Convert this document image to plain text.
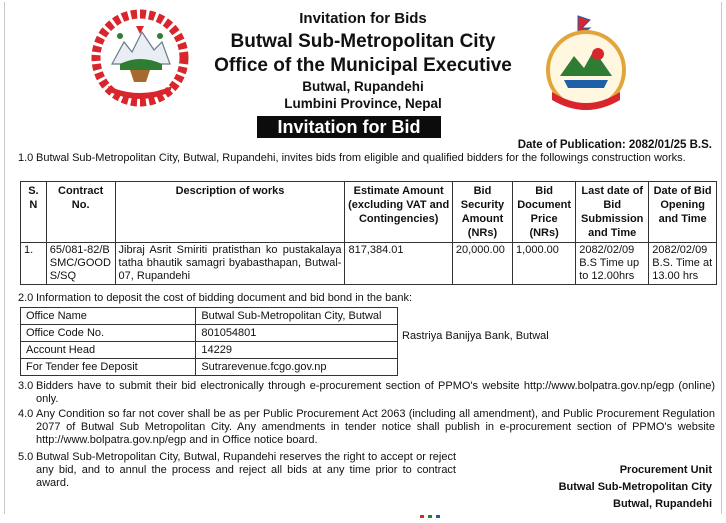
Invitation for Bids
Butwal Sub-Metropolitan City
Office of the Municipal Executive
Butwal, Rupandehi
Lumbini Province, Nepal
Invitation for Bid
Date of Publication: 2082/01/25 B.S.
1.0 Butwal Sub-Metropolitan City, Butwal, Rupandehi, invites bids from eligible and qualified bidders for the followings construction works.
S. N	Contract No.	Description of works	Estimate Amount (excluding VAT and Contingencies)	Bid Security Amount (NRs)	Bid Document Price (NRs)	Last date of Bid Submission and Time	Date of Bid Opening and Time
1.	65/081-82/BSMC/GOODS/SQ	Jibraj Asrit Smiriti pratisthan ko pustakalaya tatha bhautik samagri byabasthapan, Butwal-07, Rupandehi	817,384.01	20,000.00	1,000.00	2082/02/09 B.S Time up to 12.00hrs	2082/02/09 B.S. Time at 13.00 hrs
2.0 Information to deposit the cost of bidding document and bid bond in the bank:
Office Name	Butwal Sub-Metropolitan City, Butwal
Office Code No.	801054801
Account Head	14229
For Tender fee Deposit	Sutrarevenue.fcgo.gov.np
Rastriya Banijya Bank, Butwal
3.0 Bidders have to submit their bid electronically through e-procurement section of PPMO's website http://www.bolpatra.gov.np/egp (online) only.
4.0 Any Condition so far not cover shall be as per Public Procurement Act 2063 (including all amendment), and Public Procurement Regulation 2077 of Butwal Sub Metropolitan City. Any amendments in tender notice shall publish in e-procurement section of PPMO's website http://www.bolpatra.gov.np/egp and in Office notice board.
5.0 Butwal Sub-Metropolitan City, Butwal, Rupandehi reserves the right to accept or reject any bid, and to annul the process and reject all bids at any time prior to contract award.
Procurement Unit
Butwal Sub-Metropolitan City
Butwal, Rupandehi
